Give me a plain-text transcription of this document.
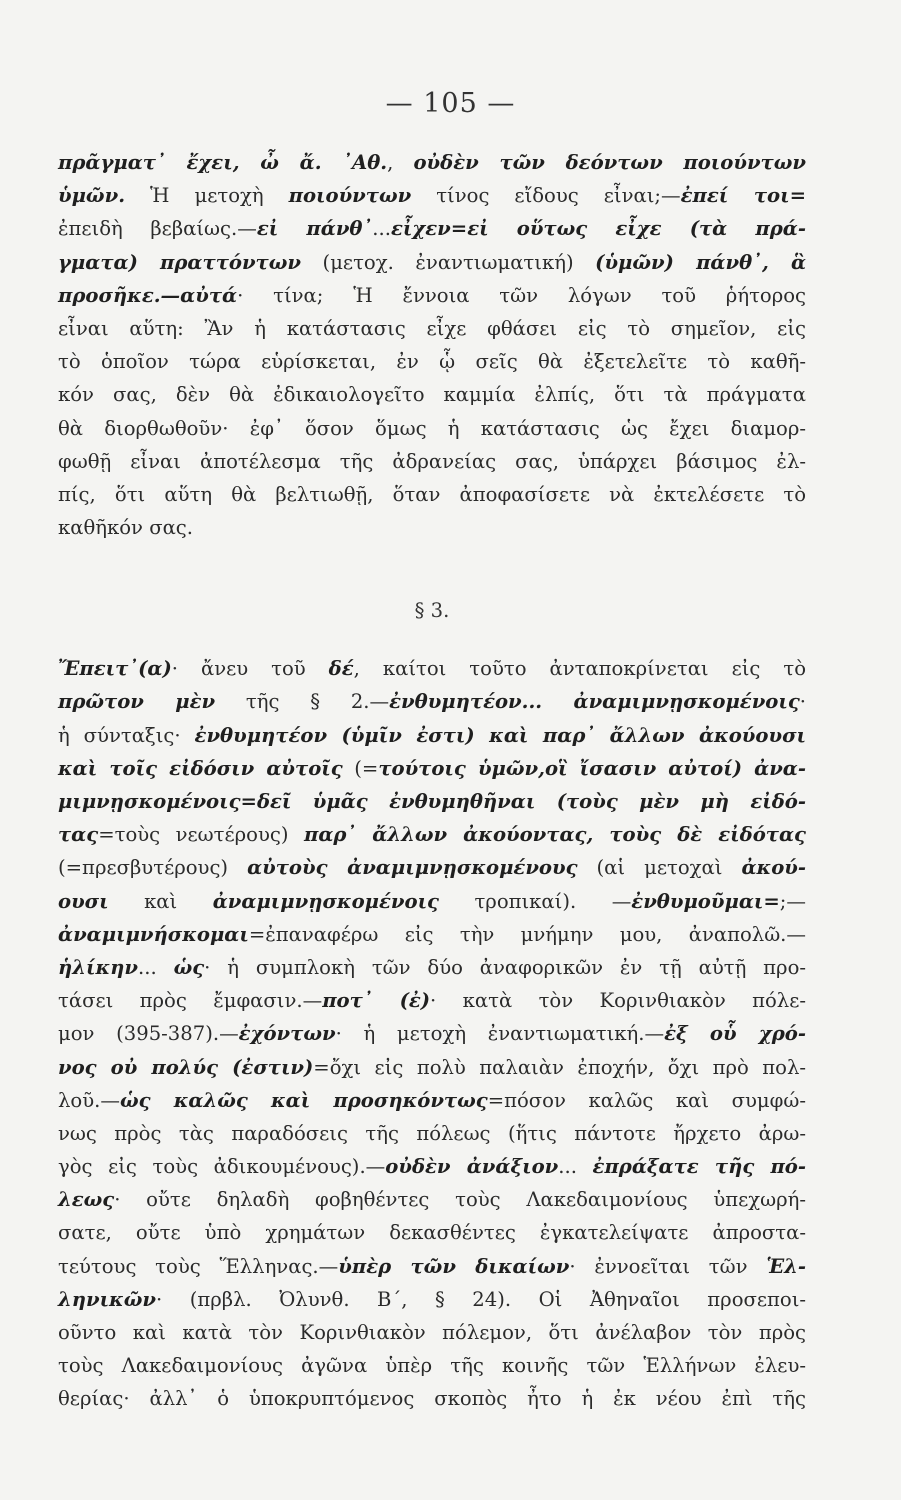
— 105 —
πρᾶγματ᾽ ἔχει, ὦ ἄ. ᾽Αθ., οὐδὲν τῶν δεόντων ποιούντων
ὑμῶν. Ἡ μετοχὴ ποιούντων τίνος εἴδους εἶναι;—ἐπεί τοι=
ἐπειδὴ βεβαίως.—εἰ πάνθ᾽...εἶχεν=εἰ οὕτως εἶχε (τὰ πρά-
γματα) πραττόντων (μετοχ. ἐναντιωματική) (ὑμῶν) πάνθ᾽, ἃ
προσῆκε.—αὐτά· τίνα; Ἡ ἔννοια τῶν λόγων τοῦ ῥήτορος
εἶναι αὕτη: Ἂν ἡ κατάστασις εἶχε φθάσει εἰς τὸ σημεῖον, εἰς
τὸ ὁποῖον τώρα εὑρίσκεται, ἐν ᾧ σεῖς θὰ ἐξετελεῖτε τὸ καθῆ-
κόν σας, δὲν θὰ ἐδικαιολογεῖτο καμμία ἐλπίς, ὅτι τὰ πράγματα
θὰ διορθωθοῦν· ἐφ᾽ ὅσον ὅμως ἡ κατάστασις ὡς ἔχει διαμορ-
φωθῇ εἶναι ἀποτέλεσμα τῆς ἀδρανείας σας, ὑπάρχει βάσιμος ἐλ-
πίς, ὅτι αὕτη θὰ βελτιωθῇ, ὅταν ἀποφασίσετε νὰ ἐκτελέσετε τὸ
καθῆκόν σας.
§ 3.
Ἔπειτ᾽(α)· ἄνευ τοῦ δέ, καίτοι τοῦτο ἀνταποκρίνεται εἰς τὸ
πρῶτον μὲν τῆς § 2.—ἐνθυμητέον... ἀναμιμνῃσκομένοις·
ἡ σύνταξις· ἐνθυμητέον (ὑμῖν ἐστι) καὶ παρ᾽ ἄλλων ἀκούουσι
καὶ τοῖς εἰδόσιν αὐτοῖς (=τούτοις ὑμῶν,οἳ ἴσασιν αὐτοί) ἀνα-
μιμνῃσκομένοις=δεῖ ὑμᾶς ἐνθυμηθῆναι (τοὺς μὲν μὴ εἰδό-
τας=τοὺς νεωτέρους) παρ᾽ ἄλλων ἀκούοντας, τοὺς δὲ εἰδότας
(=πρεσβυτέρους) αὐτοὺς ἀναμιμνῃσκομένους (αἱ μετοχαὶ ἀκού-
ουσι καὶ ἀναμιμνῃσκομένοις τροπικαί). —ἐνθυμοῦμαι=;—
ἀναμιμνήσκομαι=ἐπαναφέρω εἰς τὴν μνήμην μου, ἀναπολῶ.—
ἡλίκην... ὡς· ἡ συμπλοκὴ τῶν δύο ἀναφορικῶν ἐν τῇ αὐτῇ προ-
τάσει πρὸς ἔμφασιν.—ποτ᾽ (ἐ)· κατὰ τὸν Κορινθιακὸν πόλε-
μον (395-387).—ἐχόντων· ἡ μετοχὴ ἐναντιωματική.—ἐξ οὗ χρό-
νος οὐ πολύς (ἐστιν)=ὄχι εἰς πολὺ παλαιὰν ἐποχήν, ὄχι πρὸ πολ-
λοῦ.—ὡς καλῶς καὶ προσηκόντως=πόσον καλῶς καὶ συμφώ-
νως πρὸς τὰς παραδόσεις τῆς πόλεως (ἥτις πάντοτε ἤρχετο ἀρω-
γὸς εἰς τοὺς ἀδικουμένους).—οὐδὲν ἀνάξιον... ἐπράξατε τῆς πό-
λεως· οὔτε δηλαδὴ φοβηθέντες τοὺς Λακεδαιμονίους ὑπεχωρή-
σατε, οὔτε ὑπὸ χρημάτων δεκασθέντες ἐγκατελείψατε ἀπροστα-
τεύτους τοὺς Ἕλληνας.—ὑπὲρ τῶν δικαίων· ἐννοεῖται τῶν Ἑλ-
ληνικῶν· (πρβλ. Ὀλυνθ. Β΄, § 24). Οἱ Ἀθηναῖοι προσεποι-
οῦντο καὶ κατὰ τὸν Κορινθιακὸν πόλεμον, ὅτι ἀνέλαβον τὸν πρὸς
τοὺς Λακεδαιμονίους ἀγῶνα ὑπὲρ τῆς κοινῆς τῶν Ἑλλήνων ἐλευ-
θερίας· ἀλλ᾽ ὁ ὑποκρυπτόμενος σκοπὸς ἦτο ἡ ἐκ νέου ἐπὶ τῆς
